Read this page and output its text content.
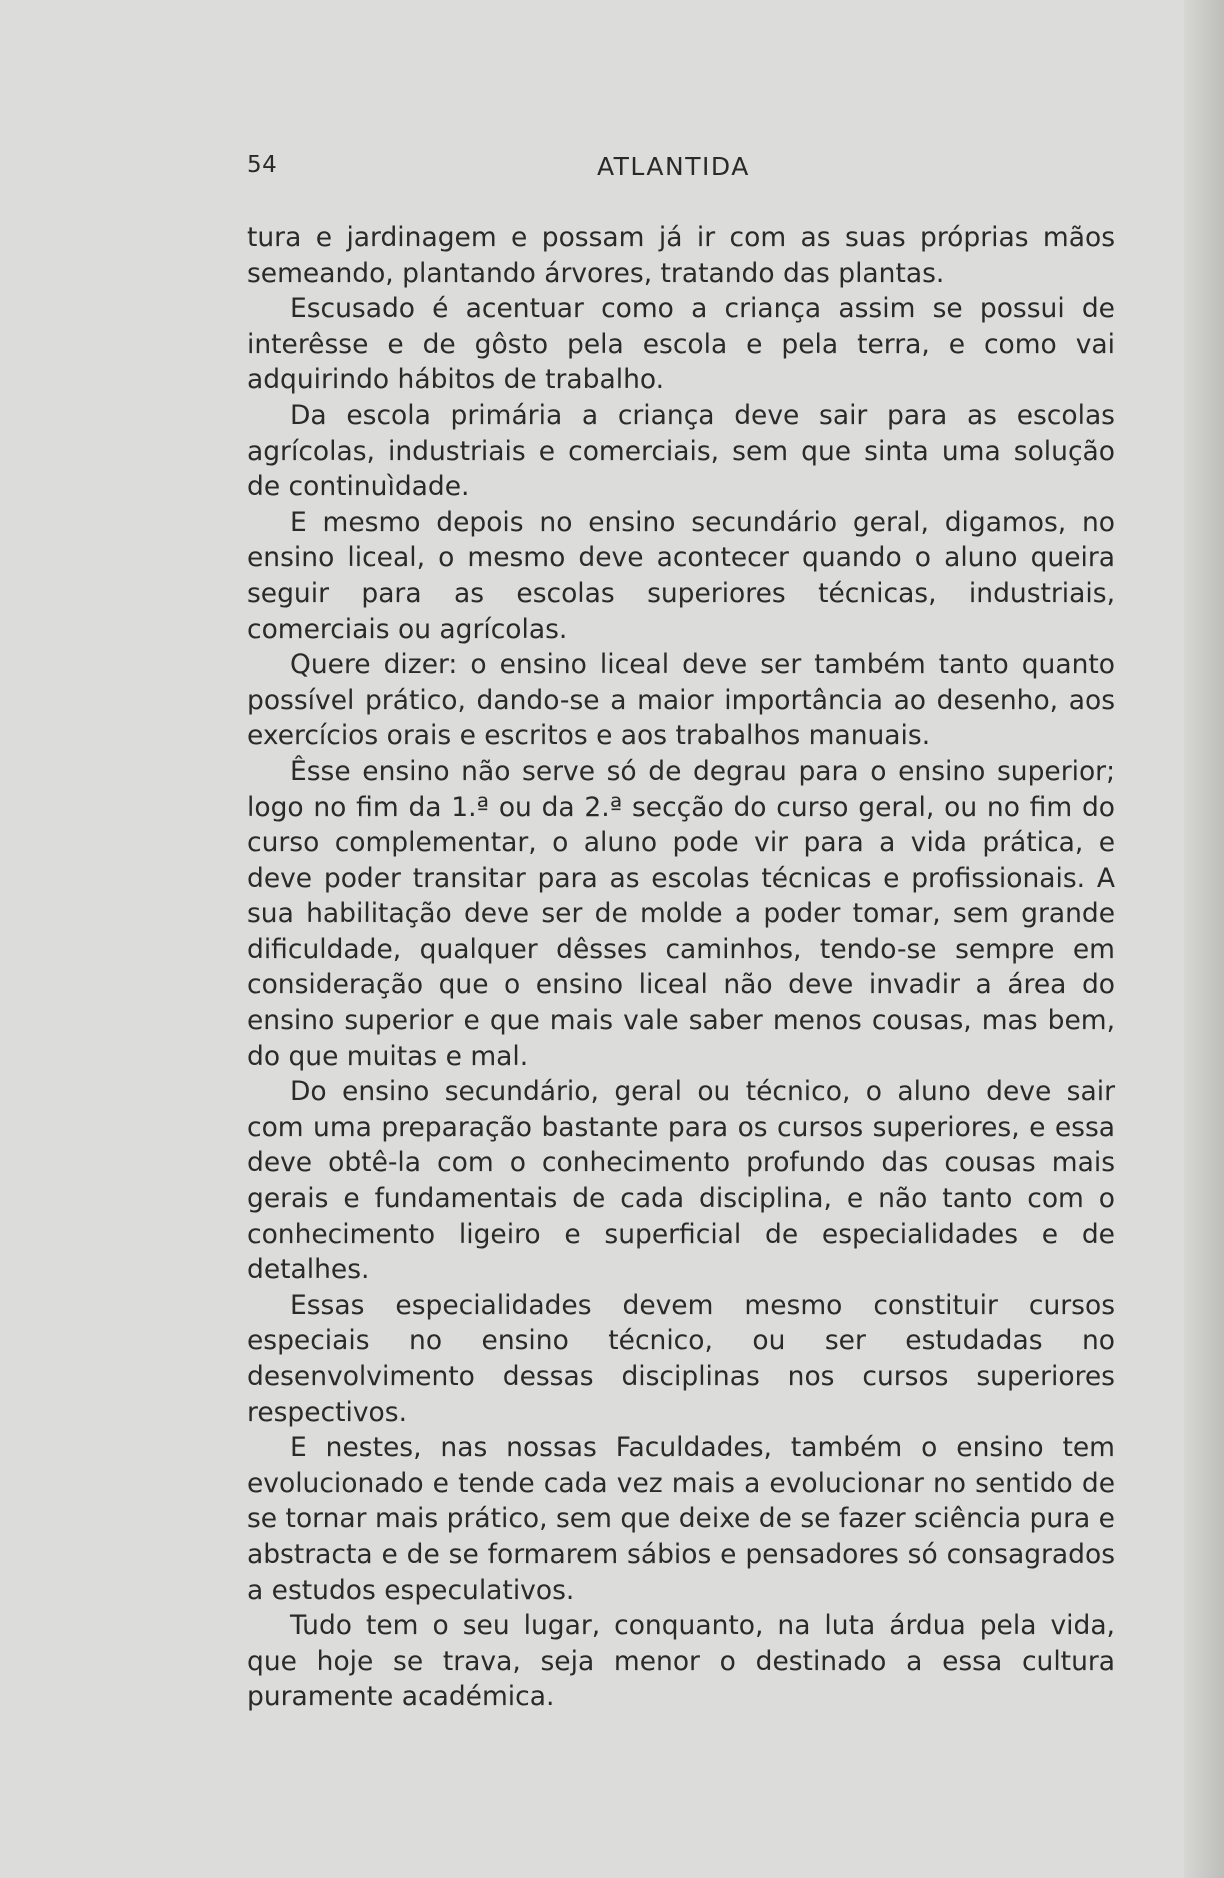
54	ATLANTIDA

tura e jardinagem e possam já ir com as suas próprias mãos semeando, plantando árvores, tratando das plantas.

Escusado é acentuar como a criança assim se possui de interêsse e de gôsto pela escola e pela terra, e como vai adquirindo hábitos de trabalho.

Da escola primária a criança deve sair para as escolas agrícolas, industriais e comerciais, sem que sinta uma solução de continuìdade.

E mesmo depois no ensino secundário geral, digamos, no ensino liceal, o mesmo deve acontecer quando o aluno queira seguir para as escolas superiores técnicas, industriais, comerciais ou agrícolas.

Quere dizer: o ensino liceal deve ser também tanto quanto possível prático, dando-se a maior importância ao desenho, aos exercícios orais e escritos e aos trabalhos manuais.

Êsse ensino não serve só de degrau para o ensino superior; logo no fim da 1.ª ou da 2.ª secção do curso geral, ou no fim do curso complementar, o aluno pode vir para a vida prática, e deve poder transitar para as escolas técnicas e profissionais. A sua habilitação deve ser de molde a poder tomar, sem grande dificuldade, qualquer dêsses caminhos, tendo-se sempre em consideração que o ensino liceal não deve invadir a área do ensino superior e que mais vale saber menos cousas, mas bem, do que muitas e mal.

Do ensino secundário, geral ou técnico, o aluno deve sair com uma preparação bastante para os cursos superiores, e essa deve obtê-la com o conhecimento profundo das cousas mais gerais e fundamentais de cada disciplina, e não tanto com o conhecimento ligeiro e superficial de especialidades e de detalhes.

Essas especialidades devem mesmo constituir cursos especiais no ensino técnico, ou ser estudadas no desenvolvimento dessas disciplinas nos cursos superiores respectivos.

E nestes, nas nossas Faculdades, também o ensino tem evolucionado e tende cada vez mais a evolucionar no sentido de se tornar mais prático, sem que deixe de se fazer sciência pura e abstracta e de se formarem sábios e pensadores só consagrados a estudos especulativos.

Tudo tem o seu lugar, conquanto, na luta árdua pela vida, que hoje se trava, seja menor o destinado a essa cultura puramente académica.
